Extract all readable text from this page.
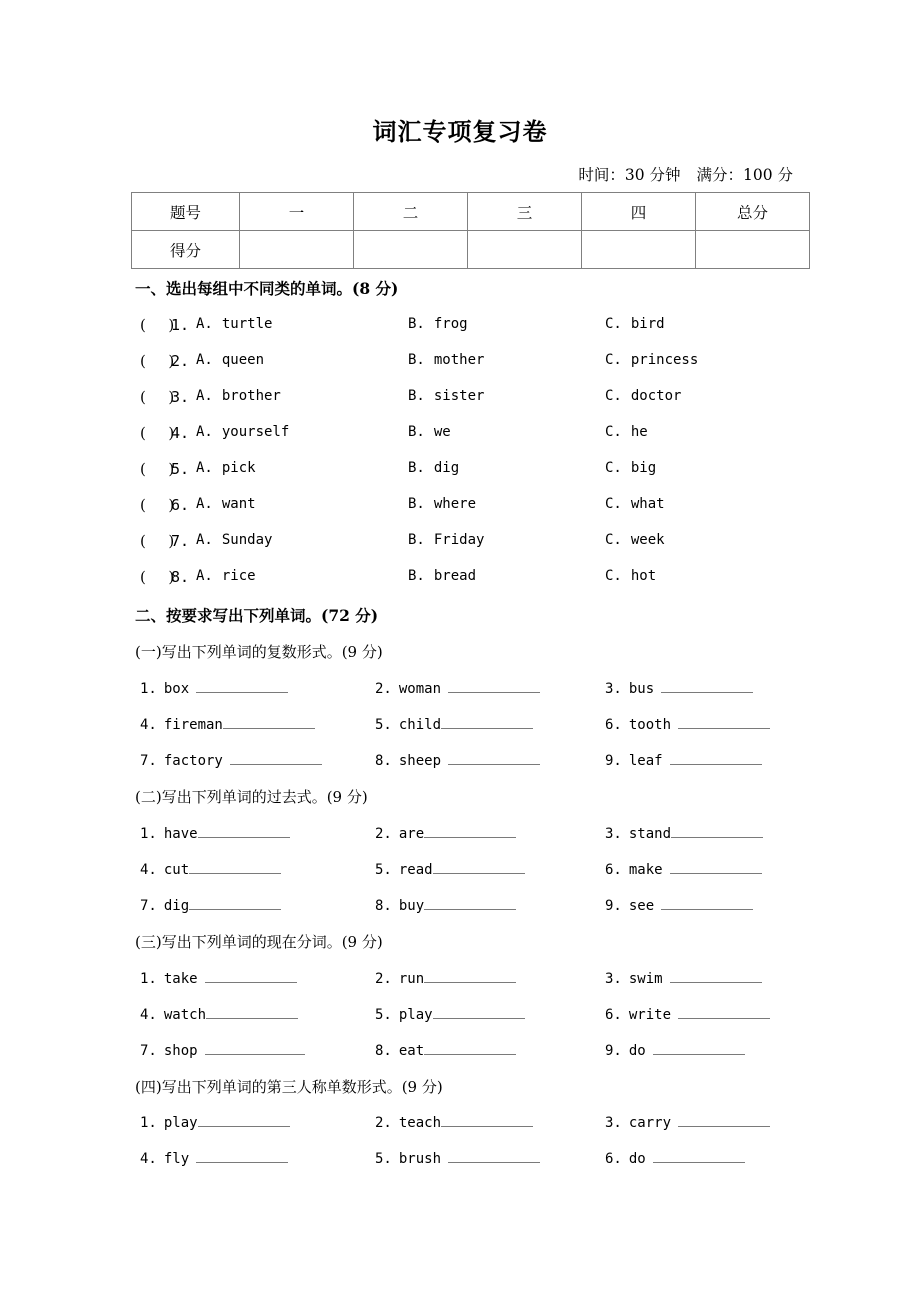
词汇专项复习卷
时间：30 分钟 满分：100 分
题号	一	二	三	四	总分
得分					
一、选出每组中不同类的单词。(8 分)
(  )
1. A. turtle	B. frog	C. bird
(  )
2. A. queen	B. mother	C. princess
(  )
3. A. brother	B. sister	C. doctor
(  )
4. A. yourself	B. we	C. he
(  )
5. A. pick	B. dig	C. big
(  )
6. A. want	B. where	C. what
(  )
7. A. Sunday	B. Friday	C. week
(  )
8. A. rice	B. bread	C. hot
二、按要求写出下列单词。(72 分)
(一)写出下列单词的复数形式。(9 分)
1. box	2. woman	3. bus
4. fireman	5. child	6. tooth
7. factory	8. sheep	9. leaf
(二)写出下列单词的过去式。(9 分)
1. have	2. are	3. stand
4. cut	5. read	6. make
7. dig	8. buy	9. see
(三)写出下列单词的现在分词。(9 分)
1. take	2. run	3. swim
4. watch	5. play	6. write
7. shop	8. eat	9. do
(四)写出下列单词的第三人称单数形式。(9 分)
1. play	2. teach	3. carry
4. fly	5. brush	6. do
